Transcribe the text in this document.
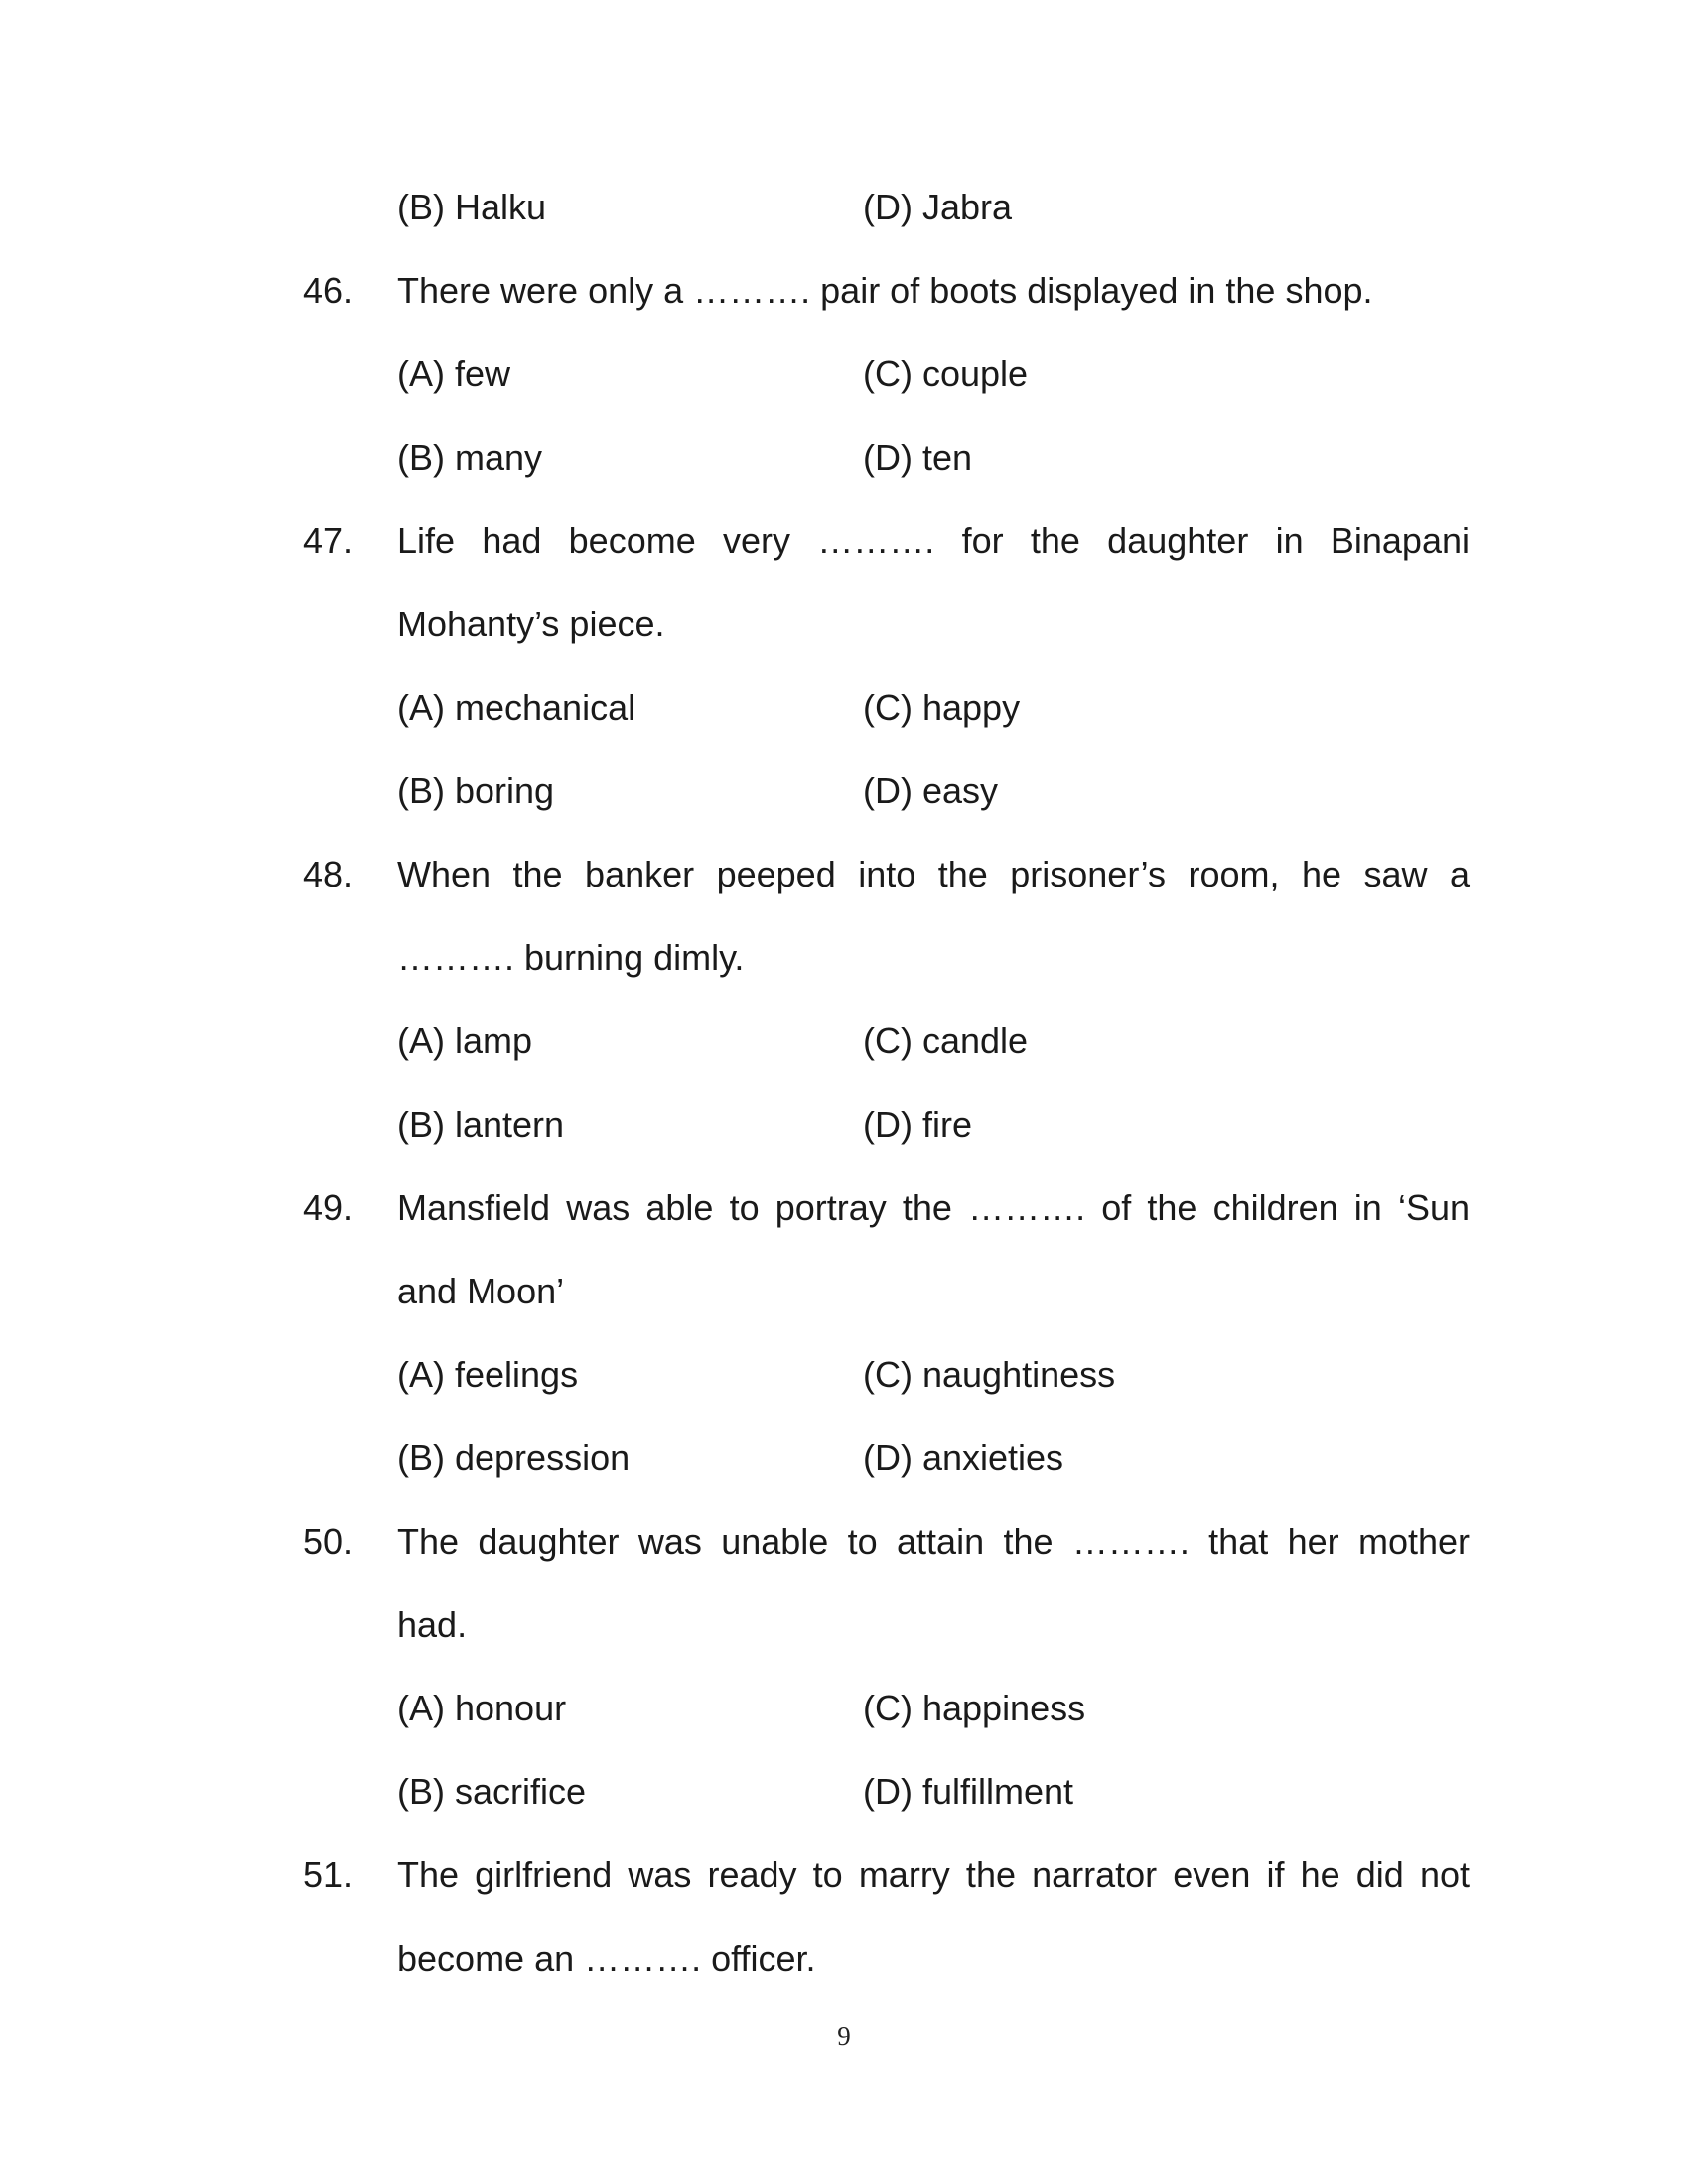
(B) Halku	(D) Jabra
46.	There were only a ………. pair of boots displayed in the shop.
(A) few	(C) couple
(B) many	(D) ten
47.	Life had become very ………. for the daughter in Binapani
Mohanty’s piece.
(A) mechanical	(C) happy
(B) boring	(D) easy
48.	When the banker peeped into the prisoner’s room, he saw a
………. burning dimly.
(A) lamp	(C) candle
(B) lantern	(D) fire
49.	Mansfield was able to portray the ………. of the children in ‘Sun
and Moon’
(A) feelings	(C) naughtiness
(B) depression	(D) anxieties
50.	The daughter was unable to attain the ………. that her mother
had.
(A) honour	(C) happiness
(B) sacrifice	(D) fulfillment
51.	The girlfriend was ready to marry the narrator even if he did not
become an ………. officer.
9
